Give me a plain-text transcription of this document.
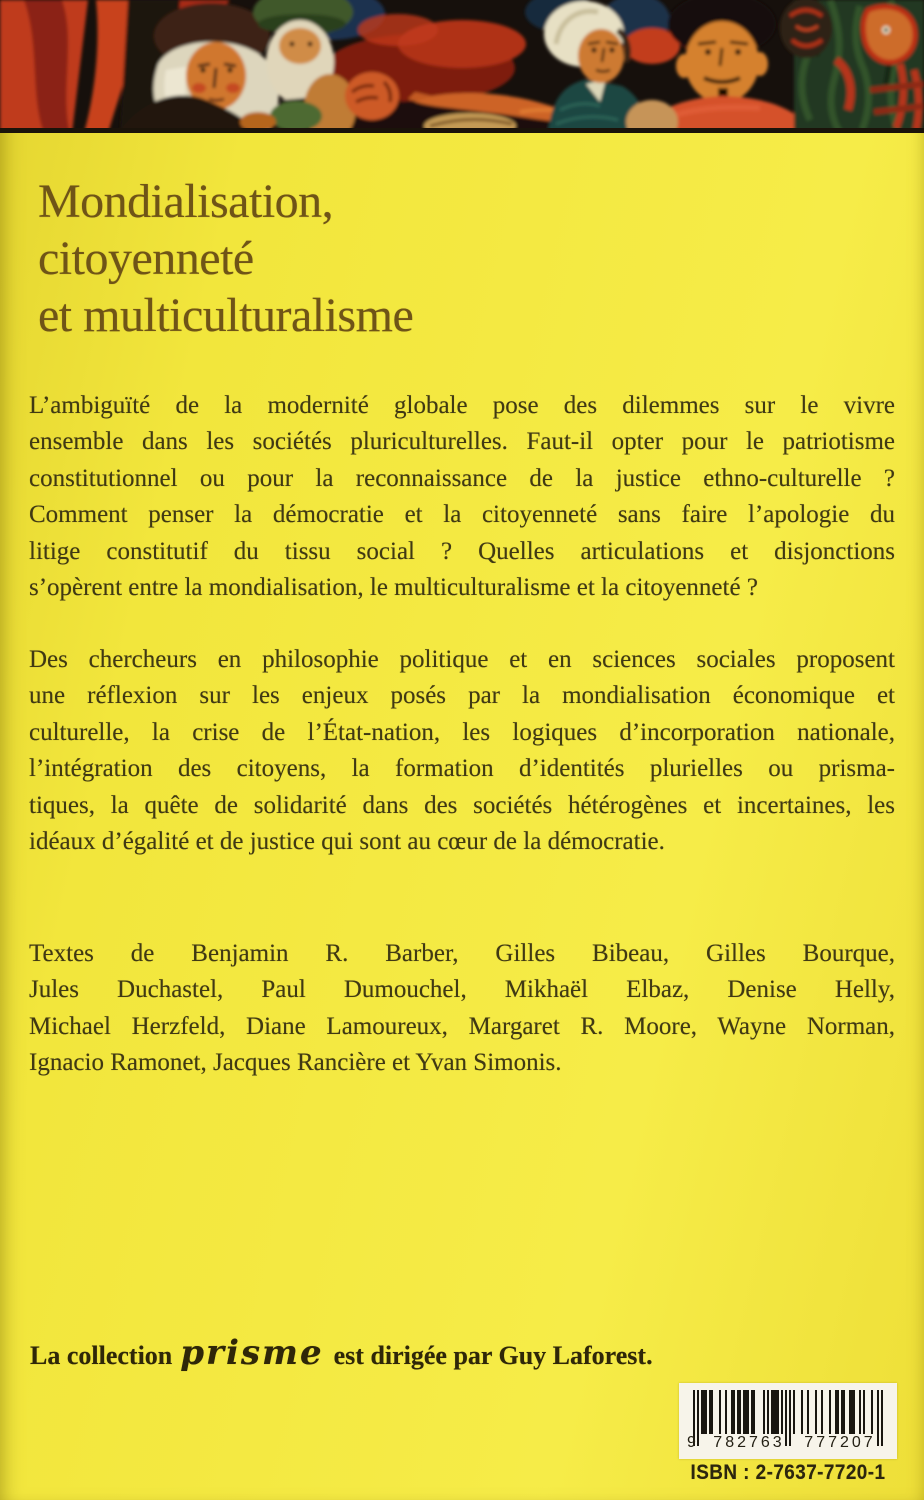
Mondialisation,
citoyenneté
et multiculturalisme
L’ambiguïté de la modernité globale pose des dilemmes sur le vivre
ensemble dans les sociétés pluriculturelles. Faut-il opter pour le patriotisme
constitutionnel ou pour la reconnaissance de la justice ethno-culturelle ?
Comment penser la démocratie et la citoyenneté sans faire l’apologie du
litige constitutif du tissu social ? Quelles articulations et disjonctions
s’opèrent entre la mondialisation, le multiculturalisme et la citoyenneté ?
Des chercheurs en philosophie politique et en sciences sociales proposent
une réflexion sur les enjeux posés par la mondialisation économique et
culturelle, la crise de l’État-nation, les logiques d’incorporation nationale,
l’intégration des citoyens, la formation d’identités plurielles ou prisma-
tiques, la quête de solidarité dans des sociétés hétérogènes et incertaines, les
idéaux d’égalité et de justice qui sont au cœur de la démocratie.
Textes de Benjamin R. Barber, Gilles Bibeau, Gilles Bourque,
Jules Duchastel, Paul Dumouchel, Mikhaël Elbaz, Denise Helly,
Michael Herzfeld, Diane Lamoureux, Margaret R. Moore, Wayne Norman,
Ignacio Ramonet, Jacques Rancière et Yvan Simonis.
La collection prisme est dirigée par Guy Laforest.
9	782763	777207
ISBN : 2-7637-7720-1
